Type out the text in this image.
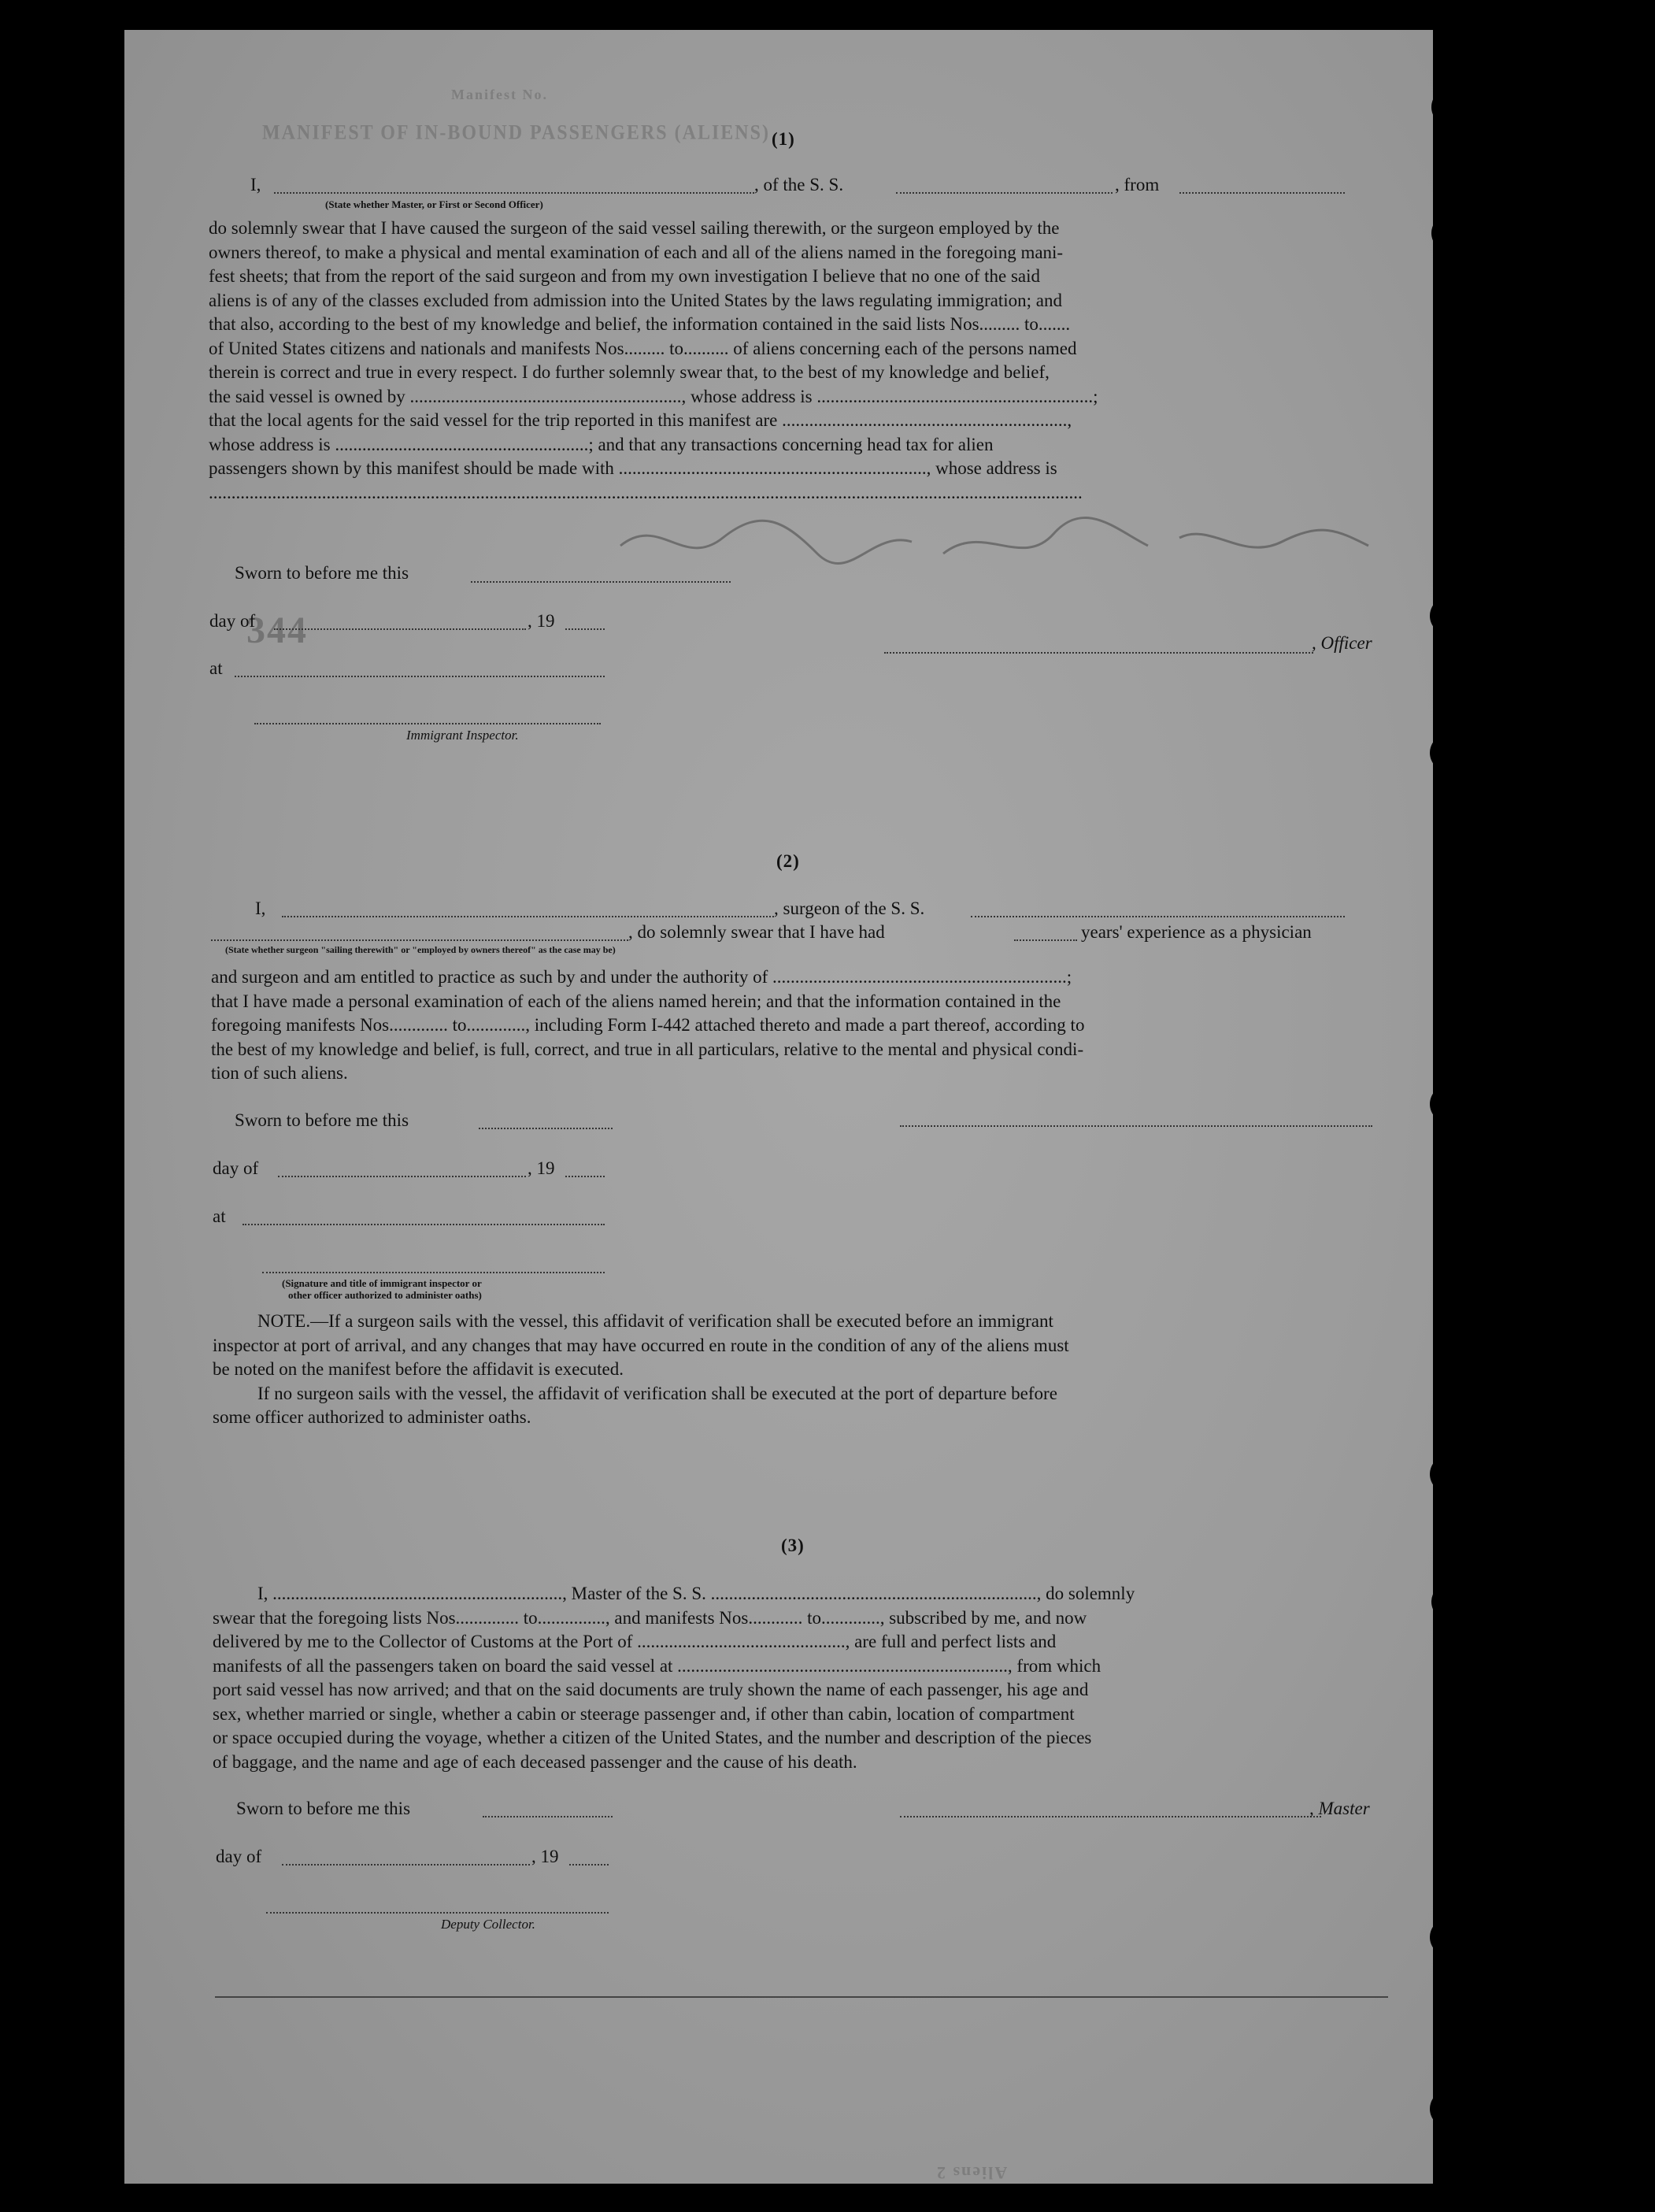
Manifest No.
MANIFEST OF IN-BOUND PASSENGERS (ALIENS)
344
(1)
I,	, of the S. S.	, from
(State whether Master, or First or Second Officer)
do solemnly swear that I have caused the surgeon of the said vessel sailing therewith, or the surgeon employed by the
owners thereof, to make a physical and mental examination of each and all of the aliens named in the foregoing mani-
fest sheets; that from the report of the said surgeon and from my own investigation I believe that no one of the said
aliens is of any of the classes excluded from admission into the United States by the laws regulating immigration; and
that also, according to the best of my knowledge and belief, the information contained in the said lists Nos......... to.......
of United States citizens and nationals and manifests Nos......... to.......... of aliens concerning each of the persons named
therein is correct and true in every respect. I do further solemnly swear that, to the best of my knowledge and belief,
the said vessel is owned by ............................................................, whose address is .............................................................;
that the local agents for the said vessel for the trip reported in this manifest are ...............................................................,
whose address is ........................................................; and that any transactions concerning head tax for alien
passengers shown by this manifest should be made with ...................................................................., whose address is
.................................................................................................................................................................................................
Sworn to before me this
day of	, 19
at
, Officer
Immigrant Inspector.
(2)
I,	, surgeon of the S. S.
, do solemnly swear that I have had	years' experience as a physician
(State whether surgeon "sailing therewith" or "employed by owners thereof" as the case may be)
and surgeon and am entitled to practice as such by and under the authority of .................................................................;
that I have made a personal examination of each of the aliens named herein; and that the information contained in the
foregoing manifests Nos............. to............., including Form I-442 attached thereto and made a part thereof, according to
the best of my knowledge and belief, is full, correct, and true in all particulars, relative to the mental and physical condi-
tion of such aliens.
Sworn to before me this
day of	, 19
at
(Signature and title of immigrant inspector or
other officer authorized to administer oaths)
NOTE.—If a surgeon sails with the vessel, this affidavit of verification shall be executed before an immigrant
inspector at port of arrival, and any changes that may have occurred en route in the condition of any of the aliens must
be noted on the manifest before the affidavit is executed.
If no surgeon sails with the vessel, the affidavit of verification shall be executed at the port of departure before
some officer authorized to administer oaths.
(3)
I, ................................................................, Master of the S. S. ........................................................................, do solemnly
swear that the foregoing lists Nos.............. to..............., and manifests Nos............ to............., subscribed by me, and now
delivered by me to the Collector of Customs at the Port of .............................................., are full and perfect lists and
manifests of all the passengers taken on board the said vessel at ........................................................................., from which
port said vessel has now arrived; and that on the said documents are truly shown the name of each passenger, his age and
sex, whether married or single, whether a cabin or steerage passenger and, if other than cabin, location of compartment
or space occupied during the voyage, whether a citizen of the United States, and the number and description of the pieces
of baggage, and the name and age of each deceased passenger and the cause of his death.
Sworn to before me this	, Master
day of	, 19
Deputy Collector.
Aliens 2
